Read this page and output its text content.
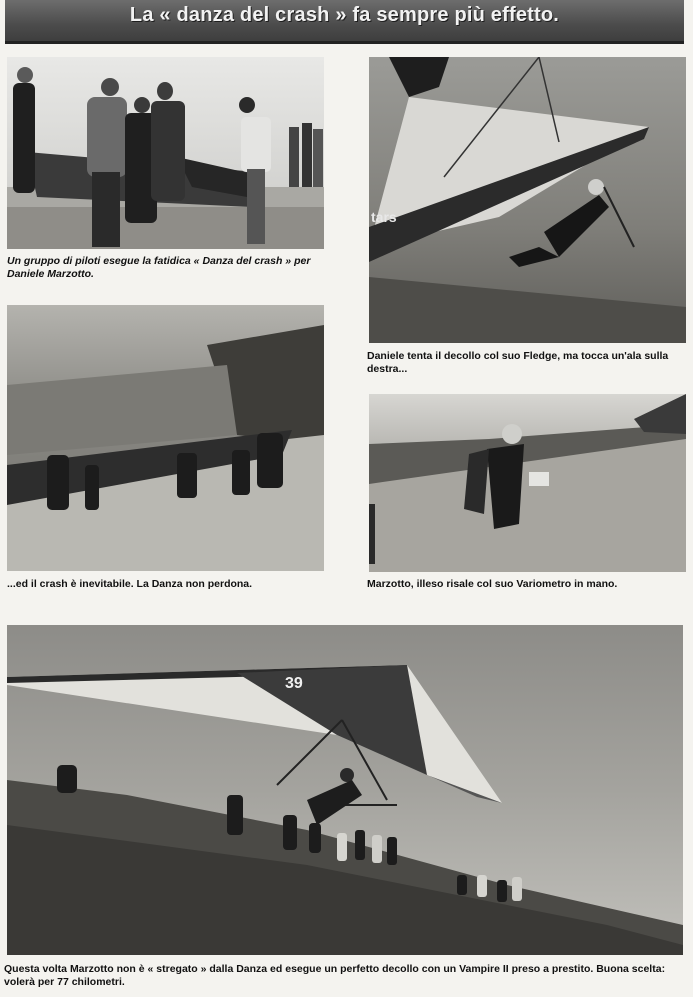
La « danza del crash » fa sempre più effetto.

Un gruppo di piloti esegue la fatidica « Danza del crash » per Daniele Marzotto.

tars

Daniele tenta il decollo col suo Fledge, ma tocca un'ala sulla destra...

...ed il crash è inevitabile. La Danza non perdona.	Marzotto, illeso risale col suo Variometro in mano.

39

Questa volta Marzotto non è « stregato » dalla Danza ed esegue un perfetto decollo con un Vampire II preso a prestito. Buona scelta: volerà per 77 chilometri.
